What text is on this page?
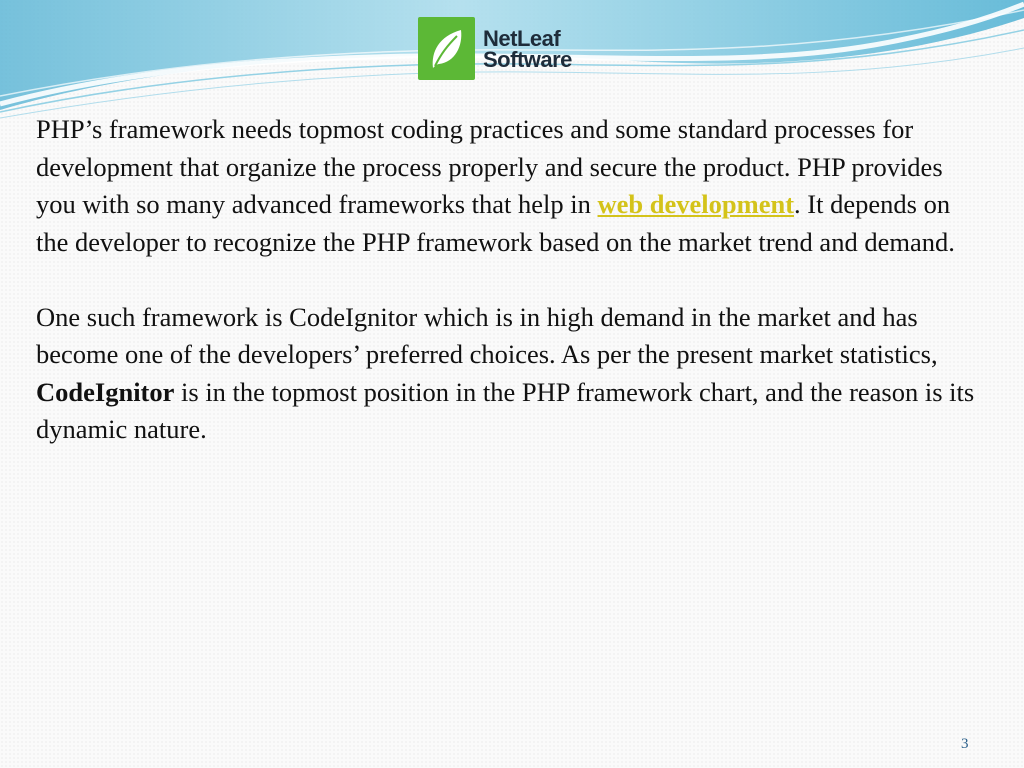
NetLeaf
Software

PHP’s framework needs topmost coding practices and some standard processes for development that organize the process properly and secure the product. PHP provides you with so many advanced frameworks that help in web development. It depends on the developer to recognize the PHP framework based on the market trend and demand.

One such framework is CodeIgnitor which is in high demand in the market and has become one of the developers’ preferred choices. As per the present market statistics, CodeIgnitor is in the topmost position in the PHP framework chart, and the reason is its dynamic nature.

3
